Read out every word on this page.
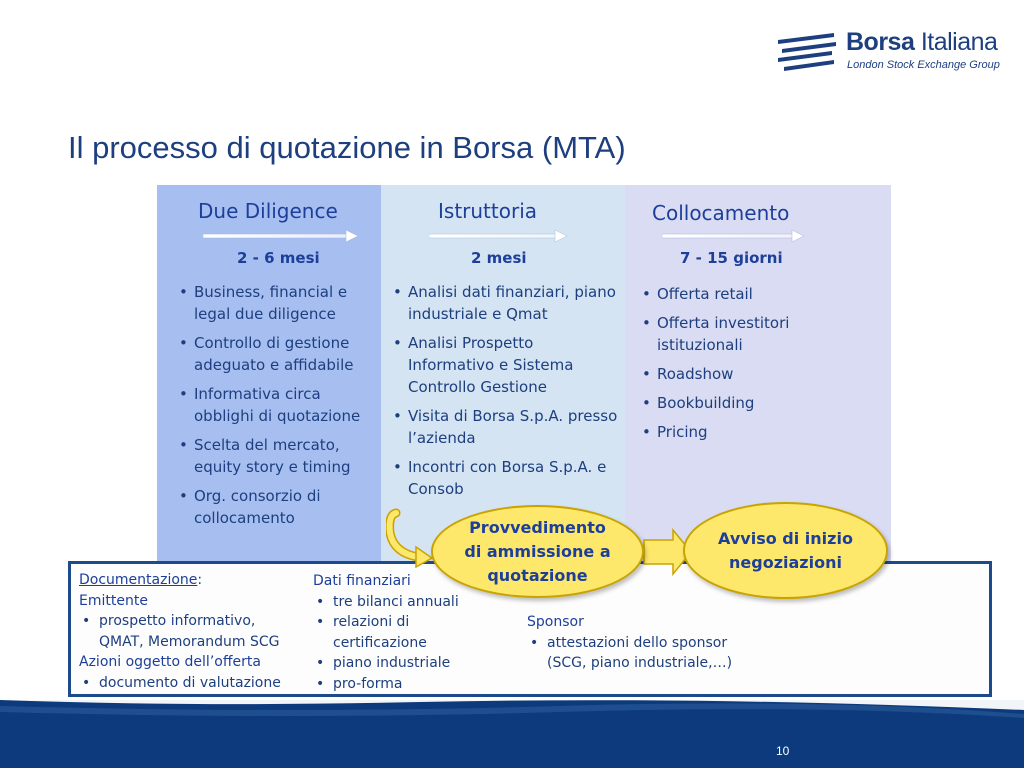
Borsa Italiana
London Stock Exchange Group
Il processo di quotazione in Borsa (MTA)
Due Diligence
2 - 6 mesi
• Business, financial e legal due diligence
• Controllo di gestione adeguato e affidabile
• Informativa circa obblighi di quotazione
• Scelta del mercato, equity story e timing
• Org. consorzio di collocamento
Istruttoria
2 mesi
• Analisi dati finanziari, piano industriale e Qmat
• Analisi Prospetto Informativo e Sistema Controllo Gestione
• Visita di Borsa S.p.A. presso l’azienda
• Incontri con Borsa S.p.A. e Consob
Collocamento
7 - 15 giorni
• Offerta retail
• Offerta investitori istituzionali
• Roadshow
• Bookbuilding
• Pricing
Documentazione:
Emittente
• prospetto informativo,
QMAT, Memorandum SCG
Azioni oggetto dell’offerta
• documento di valutazione
Dati finanziari
• tre bilanci annuali
• relazioni di
certificazione
• piano industriale
• pro-forma
Sponsor
• attestazioni dello sponsor
(SCG, piano industriale,…)
Provvedimento
di ammissione a
quotazione
Avviso di inizio
negoziazioni
10
